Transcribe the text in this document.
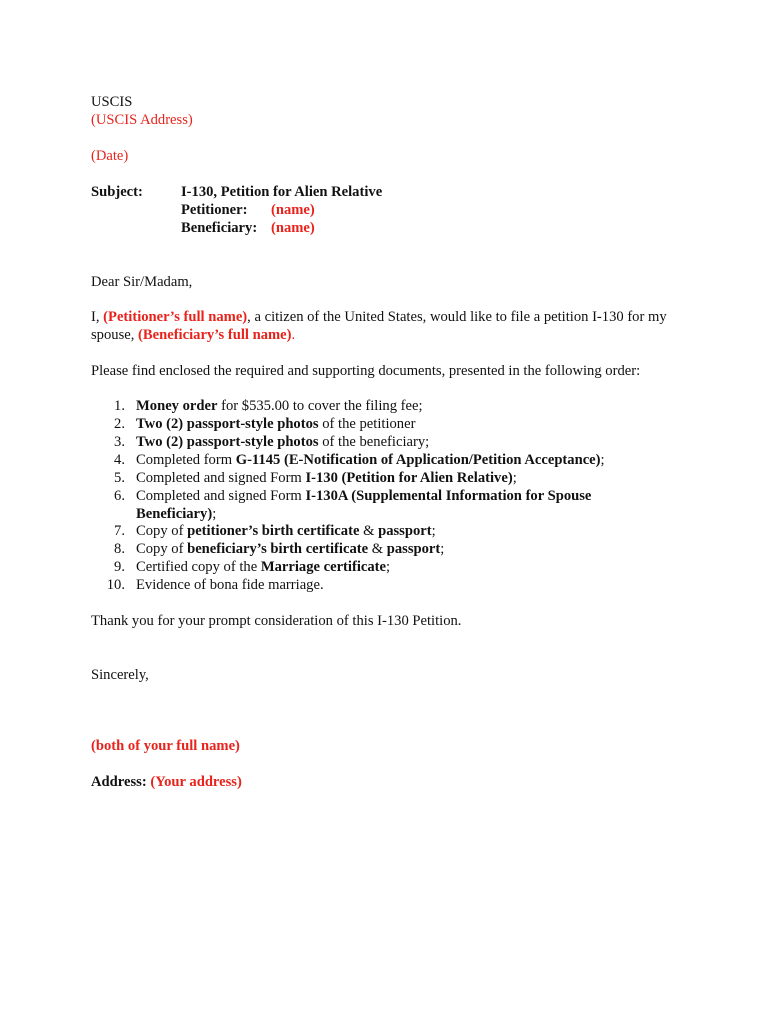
USCIS
(USCIS Address)
(Date)
Subject:	I-130, Petition for Alien Relative
Petitioner: (name)
Beneficiary: (name)
Dear Sir/Madam,
I, (Petitioner’s full name), a citizen of the United States, would like to file a petition I-130 for my
spouse, (Beneficiary’s full name).
Please find enclosed the required and supporting documents, presented in the following order:
1. Money order for $535.00 to cover the filing fee;
2. Two (2) passport-style photos of the petitioner
3. Two (2) passport-style photos of the beneficiary;
4. Completed form G-1145 (E-Notification of Application/Petition Acceptance);
5. Completed and signed Form I-130 (Petition for Alien Relative);
6. Completed and signed Form I-130A (Supplemental Information for Spouse
Beneficiary);
7. Copy of petitioner’s birth certificate & passport;
8. Copy of beneficiary’s birth certificate & passport;
9. Certified copy of the Marriage certificate;
10. Evidence of bona fide marriage.
Thank you for your prompt consideration of this I-130 Petition.
Sincerely,
(both of your full name)
Address: (Your address)
